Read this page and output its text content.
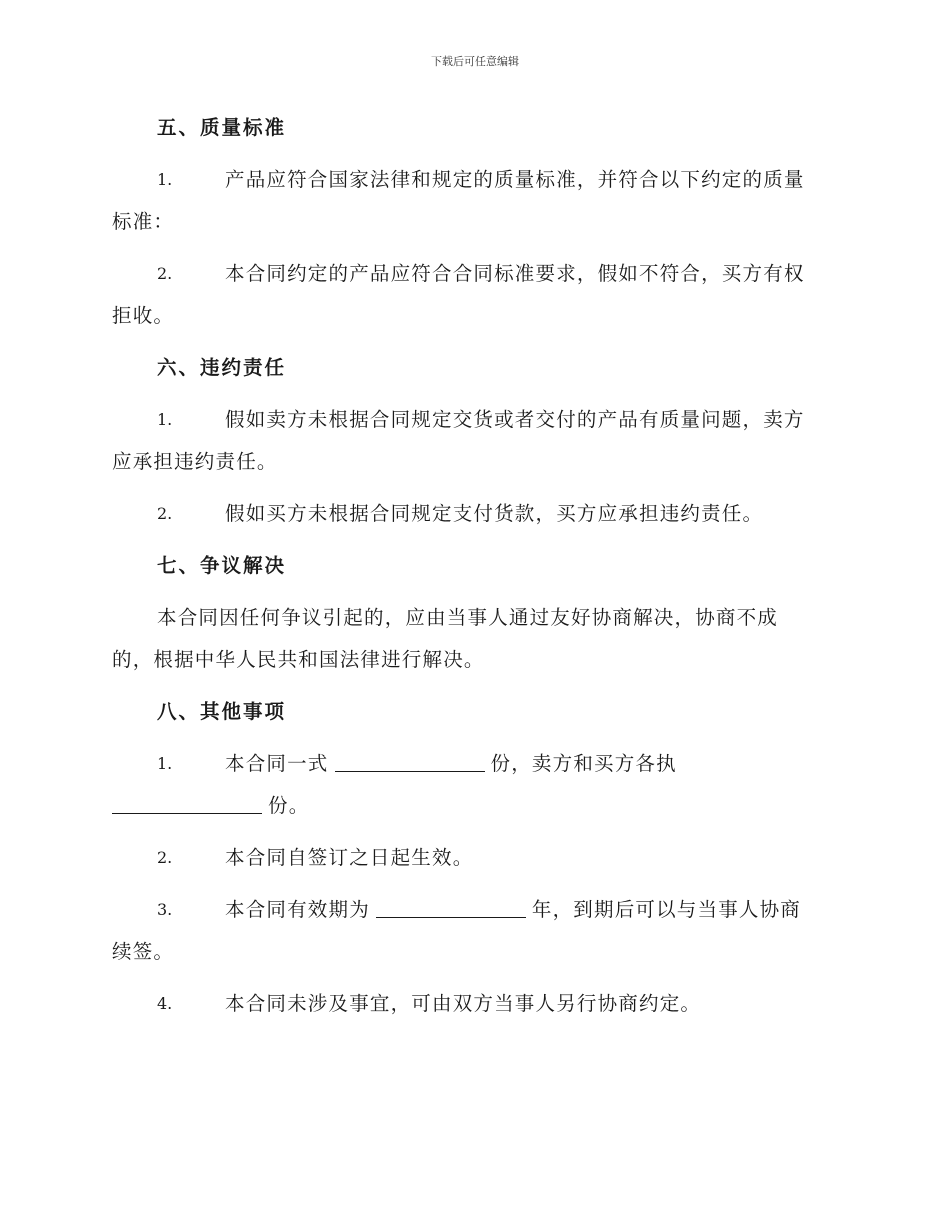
下载后可任意编辑
五、质量标准
1.	产品应符合国家法律和规定的质量标准，并符合以下约定的质量
标准：
2.	本合同约定的产品应符合合同标准要求，假如不符合，买方有权
拒收。
六、违约责任
1.	假如卖方未根据合同规定交货或者交付的产品有质量问题，卖方
应承担违约责任。
2.	假如买方未根据合同规定支付货款，买方应承担违约责任。
七、争议解决
本合同因任何争议引起的，应由当事人通过友好协商解决，协商不成
的，根据中华人民共和国法律进行解决。
八、其他事项
1.	本合同一式	份，卖方和买方各执
份。
2.	本合同自签订之日起生效。
3.	本合同有效期为	年，到期后可以与当事人协商
续签。
4.	本合同未涉及事宜，可由双方当事人另行协商约定。
